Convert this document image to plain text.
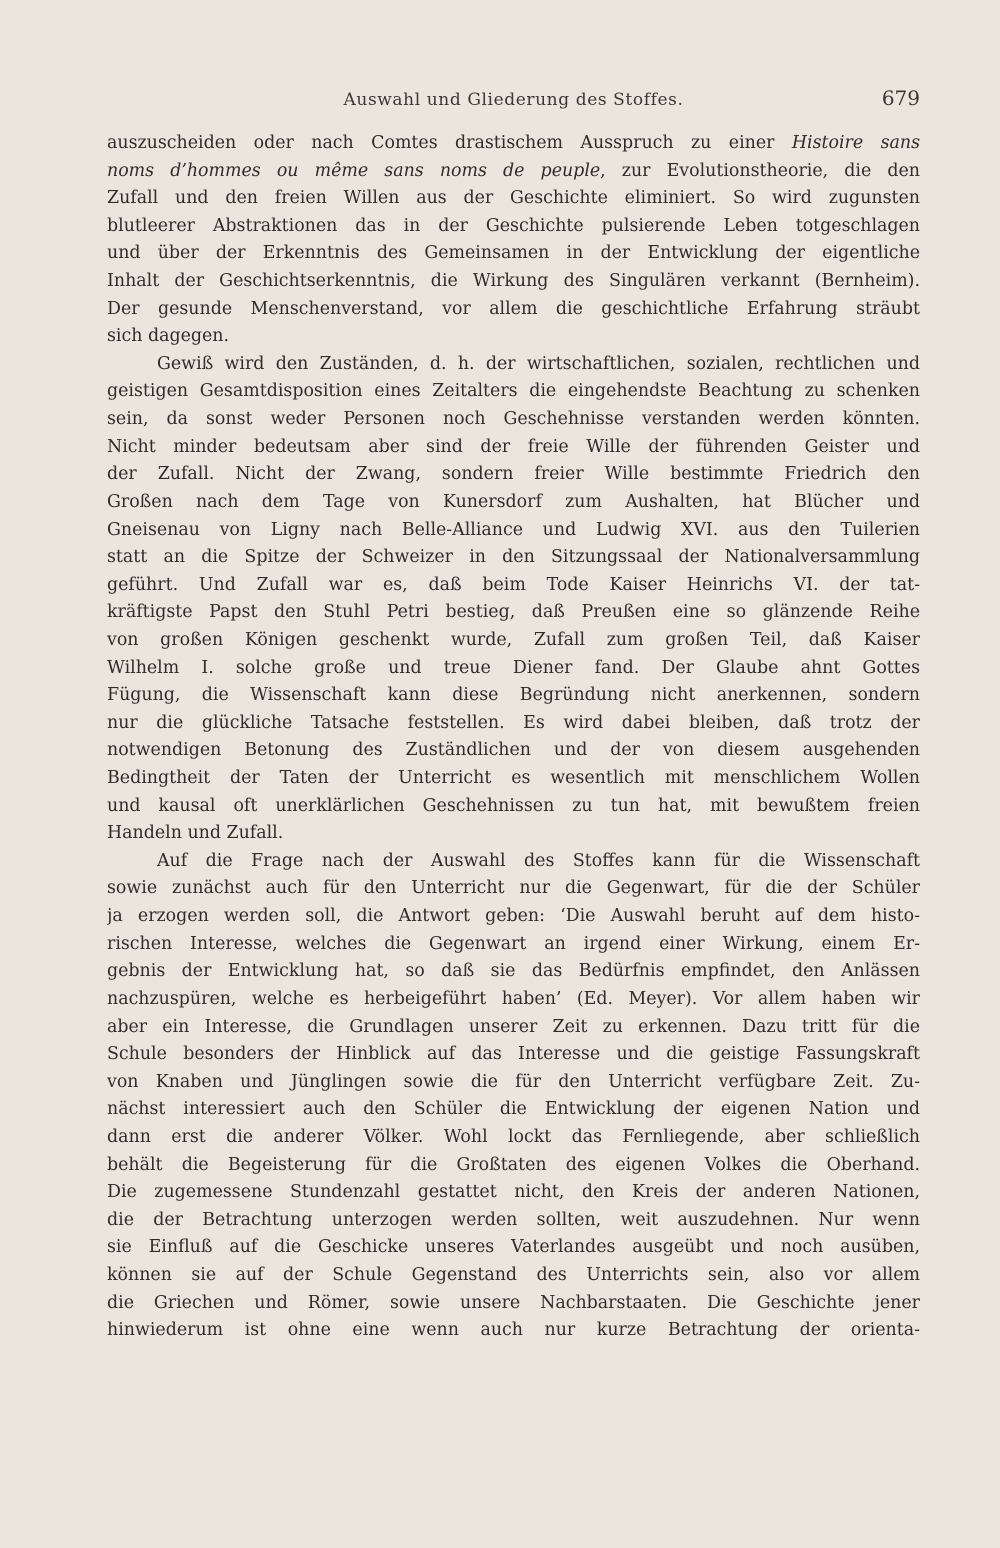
Auswahl und Gliederung des Stoffes.	679
auszuscheiden oder nach Comtes drastischem Ausspruch zu einer Histoire sans
noms d’hommes ou même sans noms de peuple, zur Evolutionstheorie, die den
Zufall und den freien Willen aus der Geschichte eliminiert. So wird zugunsten
blutleerer Abstraktionen das in der Geschichte pulsierende Leben totgeschlagen
und über der Erkenntnis des Gemeinsamen in der Entwicklung der eigentliche
Inhalt der Geschichtserkenntnis, die Wirkung des Singulären verkannt (Bernheim).
Der gesunde Menschenverstand, vor allem die geschichtliche Erfahrung sträubt
sich dagegen.
Gewiß wird den Zuständen, d. h. der wirtschaftlichen, sozialen, rechtlichen und
geistigen Gesamtdisposition eines Zeitalters die eingehendste Beachtung zu schenken
sein, da sonst weder Personen noch Geschehnisse verstanden werden könnten.
Nicht minder bedeutsam aber sind der freie Wille der führenden Geister und
der Zufall. Nicht der Zwang, sondern freier Wille bestimmte Friedrich den
Großen nach dem Tage von Kunersdorf zum Aushalten, hat Blücher und
Gneisenau von Ligny nach Belle-Alliance und Ludwig XVI. aus den Tuilerien
statt an die Spitze der Schweizer in den Sitzungssaal der Nationalversammlung
geführt. Und Zufall war es, daß beim Tode Kaiser Heinrichs VI. der tat-
kräftigste Papst den Stuhl Petri bestieg, daß Preußen eine so glänzende Reihe
von großen Königen geschenkt wurde, Zufall zum großen Teil, daß Kaiser
Wilhelm I. solche große und treue Diener fand. Der Glaube ahnt Gottes
Fügung, die Wissenschaft kann diese Begründung nicht anerkennen, sondern
nur die glückliche Tatsache feststellen. Es wird dabei bleiben, daß trotz der
notwendigen Betonung des Zuständlichen und der von diesem ausgehenden
Bedingtheit der Taten der Unterricht es wesentlich mit menschlichem Wollen
und kausal oft unerklärlichen Geschehnissen zu tun hat, mit bewußtem freien
Handeln und Zufall.
Auf die Frage nach der Auswahl des Stoffes kann für die Wissenschaft
sowie zunächst auch für den Unterricht nur die Gegenwart, für die der Schüler
ja erzogen werden soll, die Antwort geben: ‘Die Auswahl beruht auf dem histo-
rischen Interesse, welches die Gegenwart an irgend einer Wirkung, einem Er-
gebnis der Entwicklung hat, so daß sie das Bedürfnis empfindet, den Anlässen
nachzuspüren, welche es herbeigeführt haben’ (Ed. Meyer). Vor allem haben wir
aber ein Interesse, die Grundlagen unserer Zeit zu erkennen. Dazu tritt für die
Schule besonders der Hinblick auf das Interesse und die geistige Fassungskraft
von Knaben und Jünglingen sowie die für den Unterricht verfügbare Zeit. Zu-
nächst interessiert auch den Schüler die Entwicklung der eigenen Nation und
dann erst die anderer Völker. Wohl lockt das Fernliegende, aber schließlich
behält die Begeisterung für die Großtaten des eigenen Volkes die Oberhand.
Die zugemessene Stundenzahl gestattet nicht, den Kreis der anderen Nationen,
die der Betrachtung unterzogen werden sollten, weit auszudehnen. Nur wenn
sie Einfluß auf die Geschicke unseres Vaterlandes ausgeübt und noch ausüben,
können sie auf der Schule Gegenstand des Unterrichts sein, also vor allem
die Griechen und Römer, sowie unsere Nachbarstaaten. Die Geschichte jener
hinwiederum ist ohne eine wenn auch nur kurze Betrachtung der orienta-
